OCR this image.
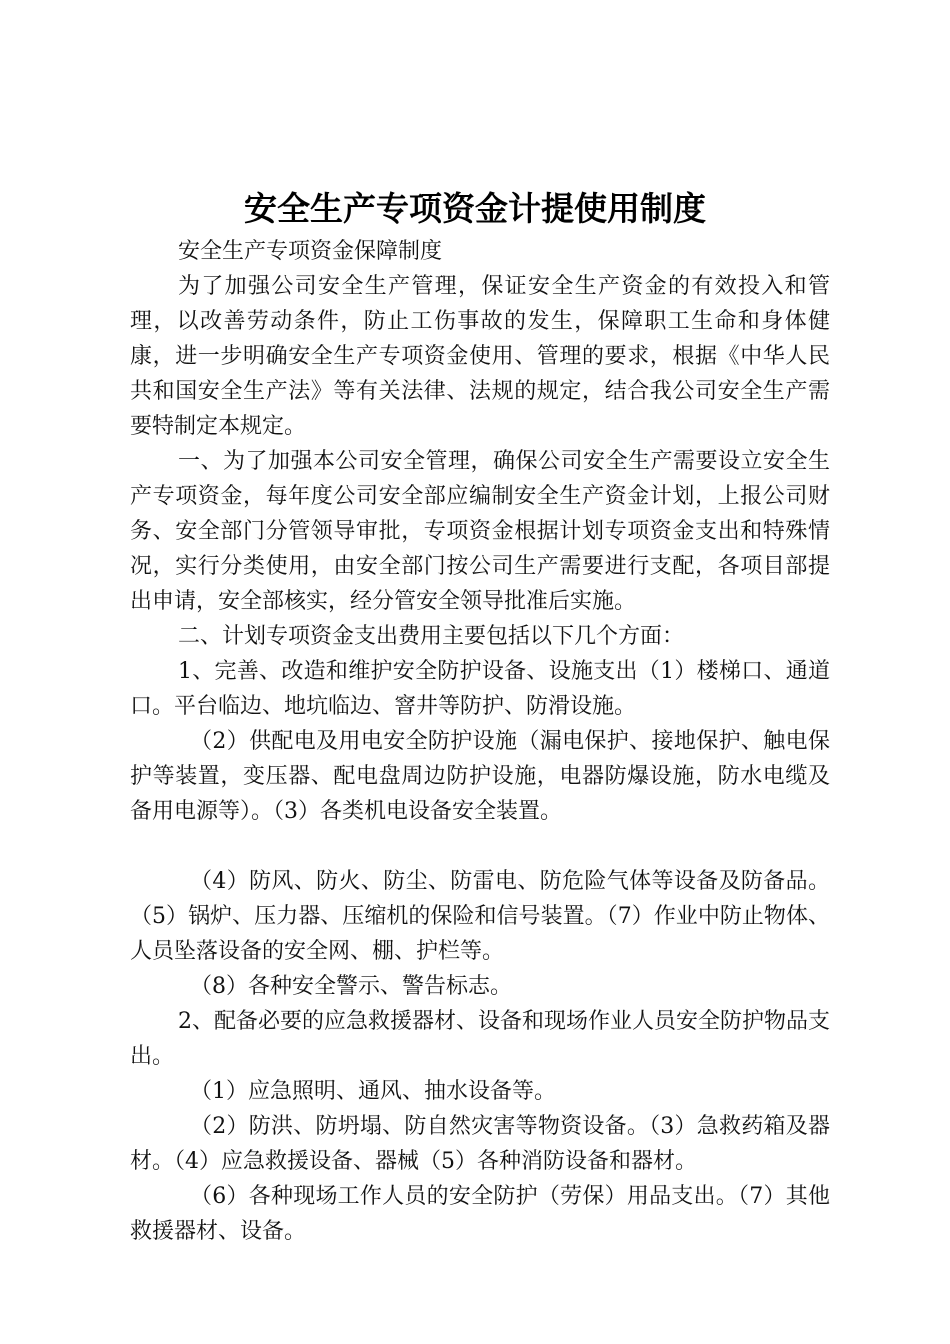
安全生产专项资金计提使用制度

安全生产专项资金保障制度

为了加强公司安全生产管理，保证安全生产资金的有效投入和管理，以改善劳动条件，防止工伤事故的发生，保障职工生命和身体健康，进一步明确安全生产专项资金使用、管理的要求，根据《中华人民共和国安全生产法》等有关法律、法规的规定，结合我公司安全生产需要特制定本规定。

一、为了加强本公司安全管理，确保公司安全生产需要设立安全生产专项资金，每年度公司安全部应编制安全生产资金计划，上报公司财务、安全部门分管领导审批，专项资金根据计划专项资金支出和特殊情况，实行分类使用，由安全部门按公司生产需要进行支配，各项目部提出申请，安全部核实，经分管安全领导批准后实施。

二、计划专项资金支出费用主要包括以下几个方面：

1、完善、改造和维护安全防护设备、设施支出（1）楼梯口、通道口。平台临边、地坑临边、窨井等防护、防滑设施。

（2）供配电及用电安全防护设施（漏电保护、接地保护、触电保护等装置，变压器、配电盘周边防护设施，电器防爆设施，防水电缆及备用电源等）。（3）各类机电设备安全装置。

（4）防风、防火、防尘、防雷电、防危险气体等设备及防备品。（5）锅炉、压力器、压缩机的保险和信号装置。（7）作业中防止物体、人员坠落设备的安全网、棚、护栏等。

（8）各种安全警示、警告标志。

2、配备必要的应急救援器材、设备和现场作业人员安全防护物品支出。

（1）应急照明、通风、抽水设备等。

（2）防洪、防坍塌、防自然灾害等物资设备。（3）急救药箱及器材。（4）应急救援设备、器械（5）各种消防设备和器材。

（6）各种现场工作人员的安全防护（劳保）用品支出。（7）其他救援器材、设备。
